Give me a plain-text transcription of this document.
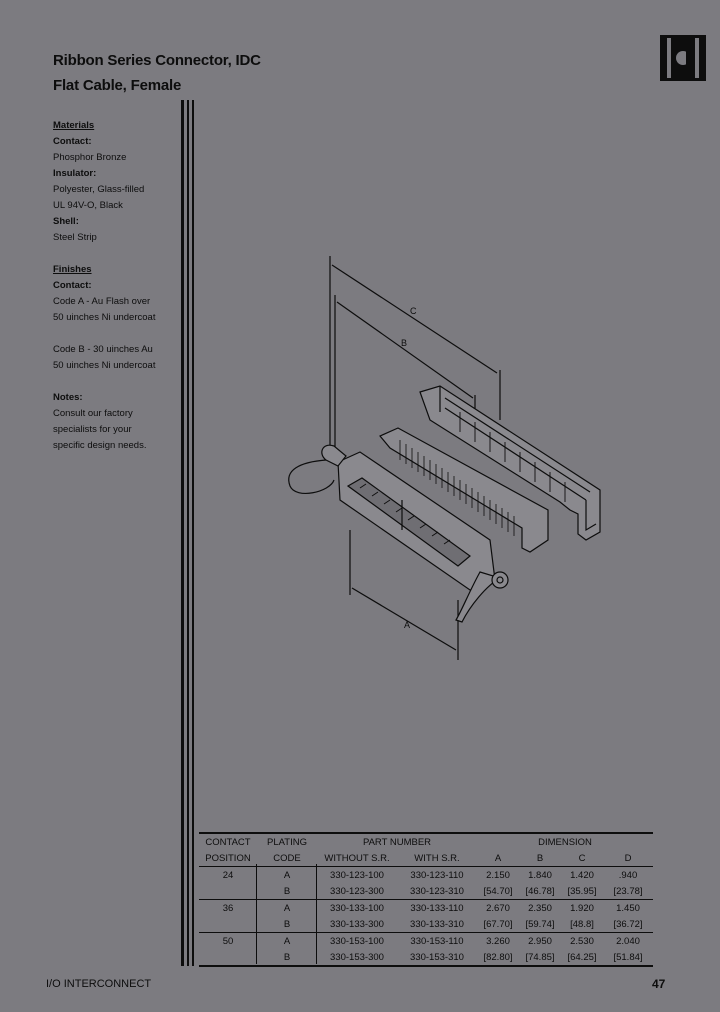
Ribbon Series Connector, IDC
Flat Cable, Female
Materials
Contact:
Phosphor Bronze
Insulator:
Polyester, Glass-filled
UL 94V-O, Black
Shell:
Steel Strip
Finishes
Contact:
Code A - Au Flash over
50 uinches Ni undercoat
Code B - 30 uinches Au
50 uinches Ni undercoat
Notes:
Consult our factory
specialists for your
specific design needs.
C
B
A
CONTACT	PLATING	PART NUMBER		DIMENSION			
POSITION	CODE	WITHOUT S.R.	WITH S.R.	A	B	C	D
24	A	330-123-100	330-123-110	2.150	1.840	1.420	.940
	B	330-123-300	330-123-310	[54.70]	[46.78]	[35.95]	[23.78]
36	A	330-133-100	330-133-110	2.670	2.350	1.920	1.450
	B	330-133-300	330-133-310	[67.70]	[59.74]	[48.8]	[36.72]
50	A	330-153-100	330-153-110	3.260	2.950	2.530	2.040
	B	330-153-300	330-153-310	[82.80]	[74.85]	[64.25]	[51.84]
I/O INTERCONNECT	47
